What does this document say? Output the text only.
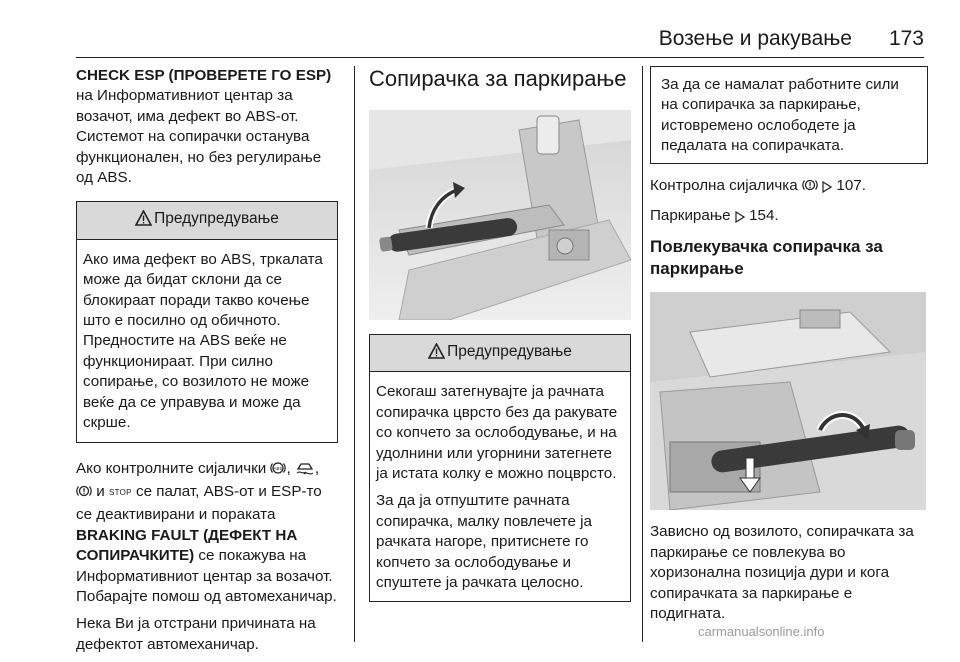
Возење и ракување 173

CHECK ESP (ПРОВЕРЕТЕ ГО ESP) на Информативниот центар за возачот, има дефект во ABS-от. Системот на сопирачки останува функционален, но без регулирање од ABS.

Предупредување
Ако има дефект во ABS, тркалата може да бидат склони да се блокираат поради такво кочење што е посилно од обичното. Предностите на ABS веќе не функционираат. При силно сопирање, со возилото не може веќе да се управува и може да скрше.

Ако контролните сијалички ABS , ,
и STOP се палат, ABS-от и ESP-то се деактивирани и пораката BRAKING FAULT (ДЕФЕКТ НА СОПИРАЧКИТЕ) се покажува на Информативниот центар за возачот. Побарајте помош од автомеханичар.

Нека Ви ја отстрани причината на дефектот автомеханичар.

Сопирачка за паркирање
Предупредување

Секогаш затегнувајте ја рачната сопирачка цврсто без да ракувате со копчето за ослободување, и на удолнини или угорнини затегнете ја истата колку е можно поцврсто.

За да ја отпуштите рачната сопирачка, малку повлечете ја рачката нагоре, притиснете го копчето за ослободување и спуштете ја рачката целосно.

За да се намалат работните сили на сопирачка за паркирање, истовремено ослободете ја педалата на сопирачката.

Контролна сијаличка   107.

Паркирање  154.

Повлекувачка сопирачка за паркирање

Зависно од возилото, сопирачката за паркирање се повлекува во хоризонална позиција дури и кога сопирачката за паркирање е подигната.

carmanualsonline.info
